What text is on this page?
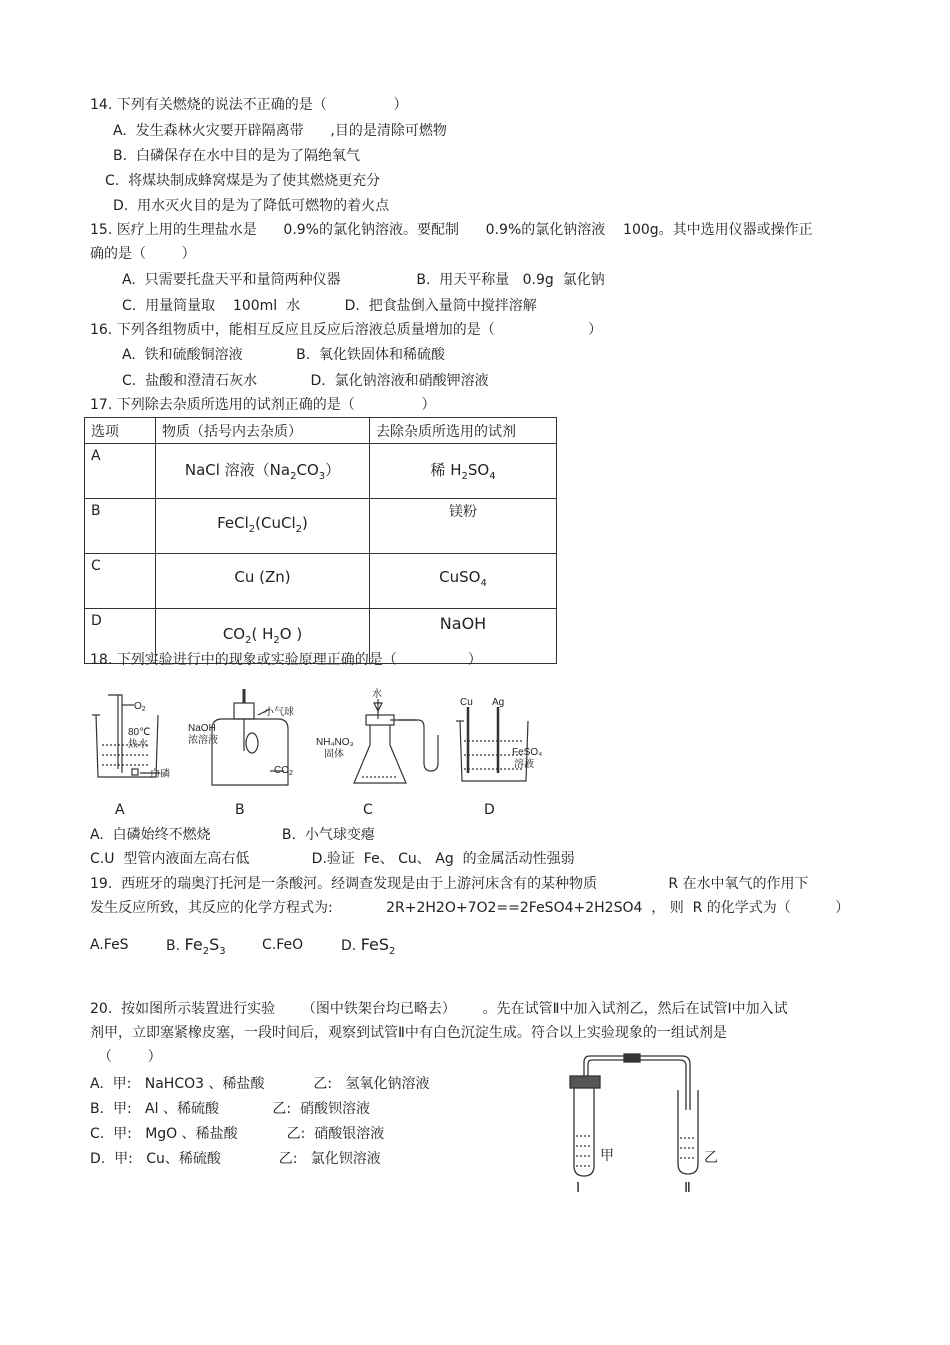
14. 下列有关燃烧的说法不正确的是（               ）
A.  发生森林火灾要开辟隔离带      ,目的是清除可燃物
B.  白磷保存在水中目的是为了隔绝氧气
C.  将煤块制成蜂窝煤是为了使其燃烧更充分
D.  用水灭火目的是为了降低可燃物的着火点
15. 医疗上用的生理盐水是      0.9%的氯化钠溶液。要配制      0.9%的氯化钠溶液    100g。其中选用仪器或操作正
确的是（        ）
A.  只需要托盘天平和量筒两种仪器                 B.  用天平称量   0.9g  氯化钠
C.  用量筒量取    100ml  水          D.  把食盐倒入量筒中搅拌溶解
16. 下列各组物质中，能相互反应且反应后溶液总质量增加的是（                     ）
A.  铁和硫酸铜溶液            B.  氧化铁固体和稀硫酸
C.  盐酸和澄清石灰水            D.  氯化钠溶液和硝酸钾溶液
17. 下列除去杂质所选用的试剂正确的是（               ）
选项	物质（括号内去杂质）	去除杂质所选用的试剂

A	NaCl 溶液$(Na_2CO_3)$	稀 $H_2SO_4$

B	FeCl$_2$(CuCl$_2$)	镁粉

C	Cu (Zn)	CuSO$_4$

D	$CO_2$( $H_2O$ )	NaOH
18. 下列实验进行中的现象或实验原理正确的是（                ）
$O_2$
80℃
热水
白磷
NaOH
浓溶液
小气球
$CO_2$
水
NH₄NO₃
固体
Cu Ag
FeSO₄
溶液
A	B	C	D
A.  白磷始终不燃烧                B.  小气球变瘪
C.U  型管内液面左高右低              D.验证  Fe、 Cu、 Ag  的金属活动性强弱
19.  西班牙的瑞奥汀托河是一条酸河。经调查发现是由于上游河床含有的某种物质                R 在水中氧气的作用下
发生反应所致，其反应的化学方程式为:            2R+2H2O+7O2==2FeSO4+2H2SO4  ， 则  R 的化学式为（          ）
A.FeS	B. $Fe_2S_3$	C.FeO	D. FeS$_2$
20.  按如图所示装置进行实验      （图中铁架台均已略去）      。先在试管Ⅱ中加入试剂乙，然后在试管Ⅰ中加入试
剂甲，立即塞紧橡皮塞，一段时间后，观察到试管Ⅱ中有白色沉淀生成。符合以上实验现象的一组试剂是
（        ）
A.  甲:   NaHCO3 、稀盐酸           乙:   氢氧化钠溶液
B.  甲:   Al 、稀硫酸            乙:  硝酸钡溶液
C.  甲:   MgO 、稀盐酸           乙:  硝酸银溶液
D.  甲:   Cu、稀硫酸             乙:   氯化钡溶液	甲	乙
Ⅰ	Ⅱ
